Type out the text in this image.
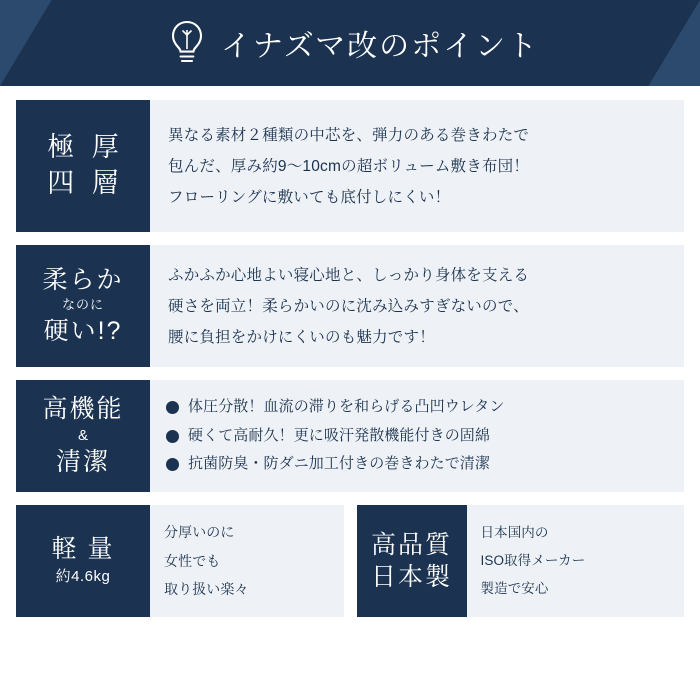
イナズマ改のポイント
極 厚
四 層
異なる素材２種類の中芯を、弾力のある巻きわたで
包んだ、厚み約9〜10cmの超ボリューム敷き布団！
フローリングに敷いても底付しにくい！
柔らか
なのに
硬い!?
ふかふか心地よい寝心地と、しっかり身体を支える
硬さを両立！柔らかいのに沈み込みすぎないので、
腰に負担をかけにくいのも魅力です！
高機能
&
清潔
体圧分散！血流の滞りを和らげる凸凹ウレタン
硬くて高耐久！更に吸汗発散機能付きの固綿
抗菌防臭・防ダニ加工付きの巻きわたで清潔
軽 量
約4.6kg
分厚いのに
女性でも
取り扱い楽々
高品質
日本製
日本国内の
ISO取得メーカー
製造で安心
